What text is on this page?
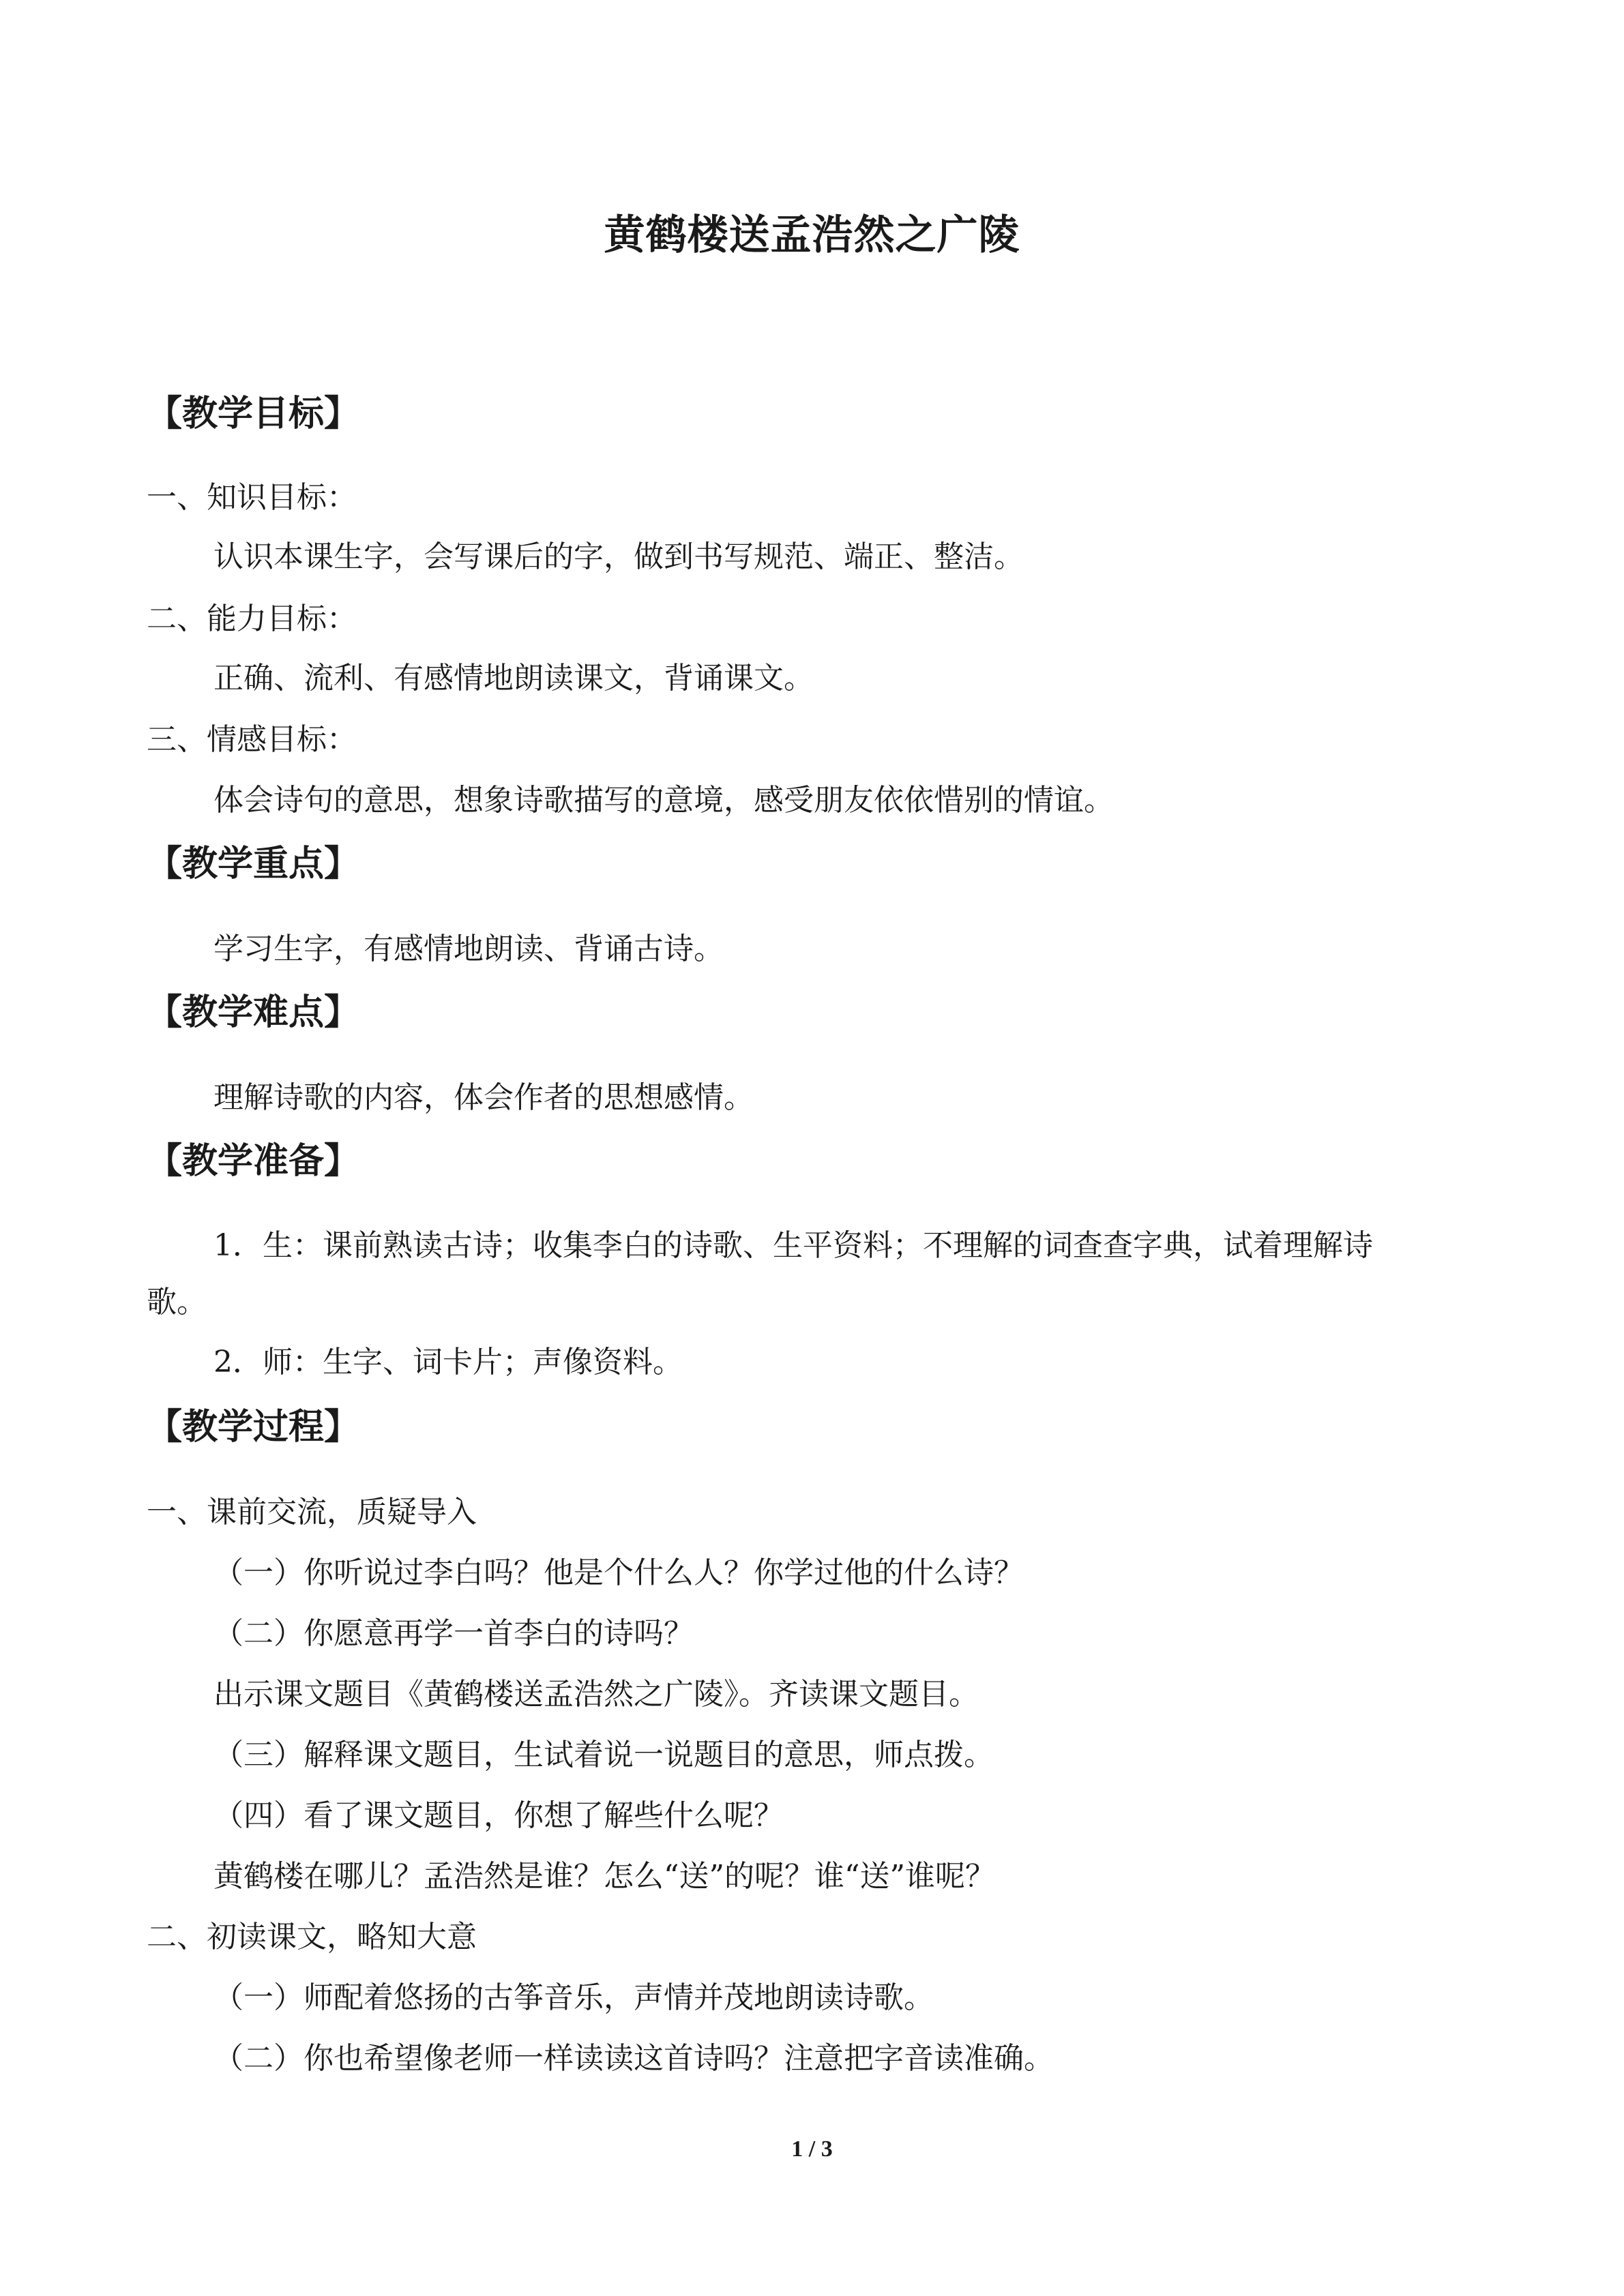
黄鹤楼送孟浩然之广陵
【教学目标】
一、知识目标：
认识本课生字，会写课后的字，做到书写规范、端正、整洁。
二、能力目标：
正确、流利、有感情地朗读课文，背诵课文。
三、情感目标：
体会诗句的意思，想象诗歌描写的意境，感受朋友依依惜别的情谊。
【教学重点】
学习生字，有感情地朗读、背诵古诗。
【教学难点】
理解诗歌的内容，体会作者的思想感情。
【教学准备】
1．生：课前熟读古诗；收集李白的诗歌、生平资料；不理解的词查查字典，试着理解诗
歌。
2．师：生字、词卡片；声像资料。
【教学过程】
一、课前交流，质疑导入
（一）你听说过李白吗？他是个什么人？你学过他的什么诗？
（二）你愿意再学一首李白的诗吗？
出示课文题目《黄鹤楼送孟浩然之广陵》。齐读课文题目。
（三）解释课文题目，生试着说一说题目的意思，师点拨。
（四）看了课文题目，你想了解些什么呢？
黄鹤楼在哪儿？孟浩然是谁？怎么“送”的呢？谁“送”谁呢？
二、初读课文，略知大意
（一）师配着悠扬的古筝音乐，声情并茂地朗读诗歌。
（二）你也希望像老师一样读读这首诗吗？注意把字音读准确。
1 / 3
